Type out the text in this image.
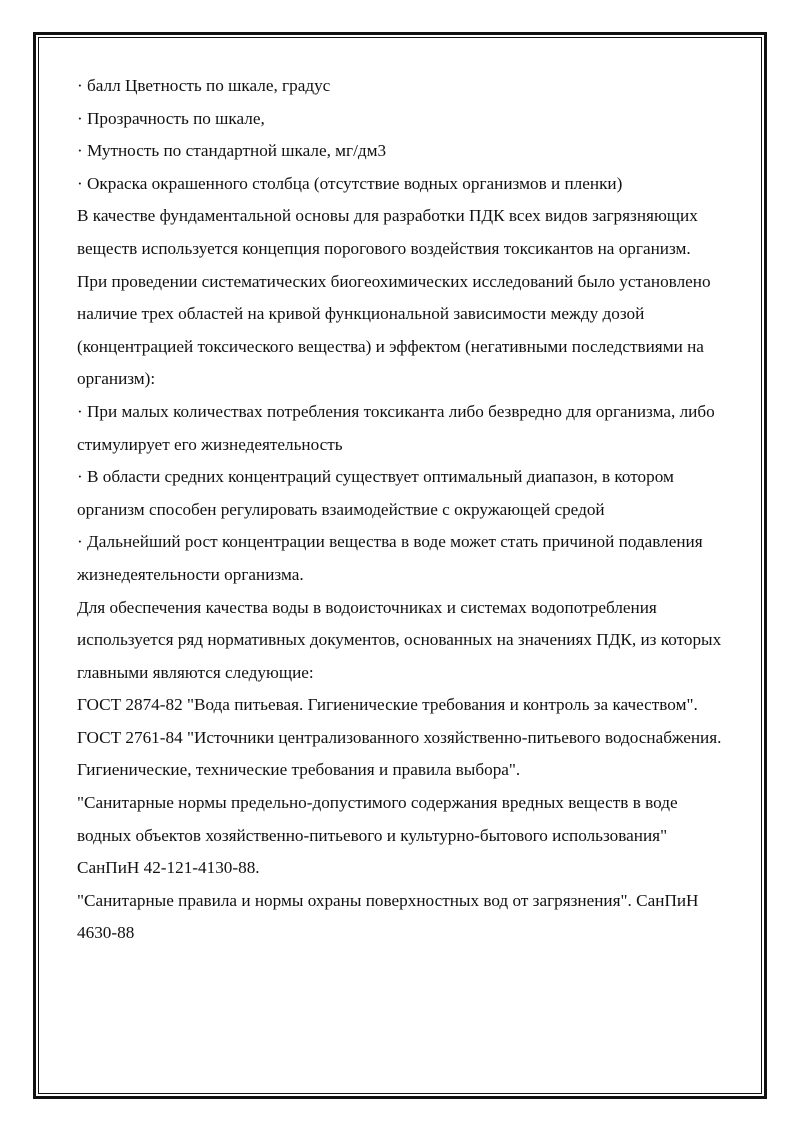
· балл Цветность по шкале, градус

· Прозрачность по шкале,

· Мутность по стандартной шкале, мг/дм3

· Окраска окрашенного столбца (отсутствие водных организмов и пленки)

В качестве фундаментальной основы для разработки ПДК всех видов загрязняющих веществ используется концепция порогового воздействия токсикантов на организм.

При проведении систематических биогеохимических исследований было установлено наличие трех областей на кривой функциональной зависимости между дозой (концентрацией токсического вещества) и эффектом (негативными последствиями на организм):

· При малых количествах потребления токсиканта либо безвредно для организма, либо стимулирует его жизнедеятельность

· В области средних концентраций существует оптимальный диапазон, в котором организм способен регулировать взаимодействие с окружающей средой

· Дальнейший рост концентрации вещества в воде может стать причиной подавления жизнедеятельности организма.

Для обеспечения качества воды в водоисточниках и системах водопотребления используется ряд нормативных документов, основанных на значениях ПДК, из которых главными являются следующие:

ГОСТ 2874-82 "Вода питьевая. Гигиенические требования и контроль за качеством".

ГОСТ 2761-84 "Источники централизованного хозяйственно-питьевого водоснабжения. Гигиенические, технические требования и правила выбора".

"Санитарные нормы предельно-допустимого содержания вредных веществ в воде водных объектов хозяйственно-питьевого и культурно-бытового использования" СанПиН 42-121-4130-88.

"Санитарные правила и нормы охраны поверхностных вод от загрязнения". СанПиН 4630-88
